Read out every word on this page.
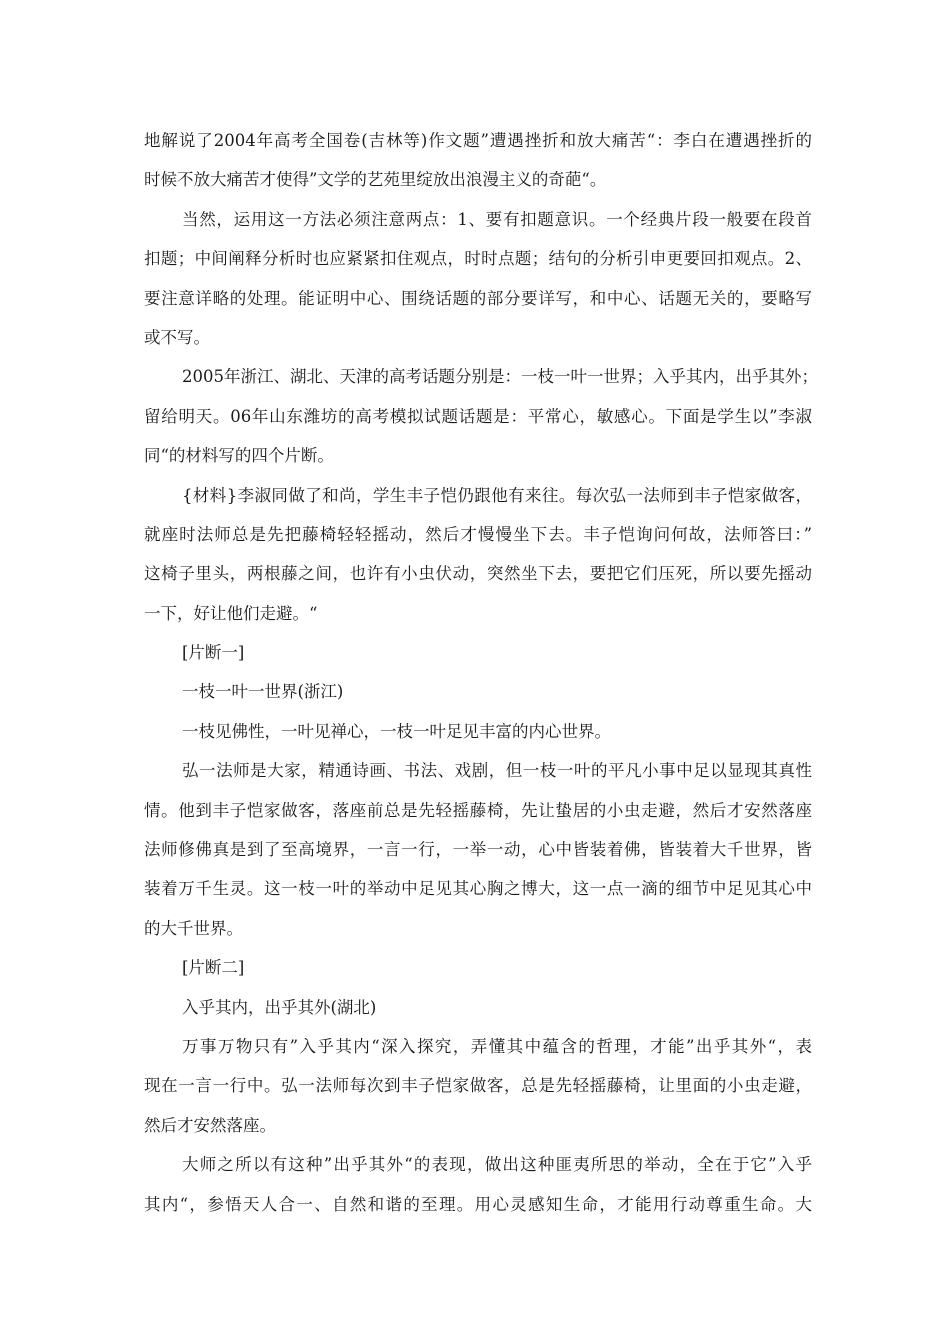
地解说了2004年高考全国卷(吉林等)作文题”遭遇挫折和放大痛苦“：李白在遭遇挫折的
时候不放大痛苦才使得”文学的艺苑里绽放出浪漫主义的奇葩“。
当然，运用这一方法必须注意两点：1、要有扣题意识。一个经典片段一般要在段首
扣题；中间阐释分析时也应紧紧扣住观点，时时点题；结句的分析引申更要回扣观点。2、
要注意详略的处理。能证明中心、围绕话题的部分要详写，和中心、话题无关的，要略写
或不写。
2005年浙江、湖北、天津的高考话题分别是：一枝一叶一世界；入乎其内，出乎其外；
留给明天。06年山东潍坊的高考模拟试题话题是：平常心，敏感心。下面是学生以”李淑
同“的材料写的四个片断。
{材料}李淑同做了和尚，学生丰子恺仍跟他有来往。每次弘一法师到丰子恺家做客，
就座时法师总是先把藤椅轻轻摇动，然后才慢慢坐下去。丰子恺询问何故，法师答曰：”
这椅子里头，两根藤之间，也许有小虫伏动，突然坐下去，要把它们压死，所以要先摇动
一下，好让他们走避。“
[片断一]
一枝一叶一世界(浙江)
一枝见佛性，一叶见禅心，一枝一叶足见丰富的内心世界。
弘一法师是大家，精通诗画、书法、戏剧，但一枝一叶的平凡小事中足以显现其真性
情。他到丰子恺家做客，落座前总是先轻摇藤椅，先让蛰居的小虫走避，然后才安然落座
法师修佛真是到了至高境界，一言一行，一举一动，心中皆装着佛，皆装着大千世界，皆
装着万千生灵。这一枝一叶的举动中足见其心胸之博大，这一点一滴的细节中足见其心中
的大千世界。
[片断二]
入乎其内，出乎其外(湖北)
万事万物只有”入乎其内“深入探究，弄懂其中蕴含的哲理，才能”出乎其外“，表
现在一言一行中。弘一法师每次到丰子恺家做客，总是先轻摇藤椅，让里面的小虫走避，
然后才安然落座。
大师之所以有这种”出乎其外“的表现，做出这种匪夷所思的举动，全在于它”入乎
其内“，参悟天人合一、自然和谐的至理。用心灵感知生命，才能用行动尊重生命。大
